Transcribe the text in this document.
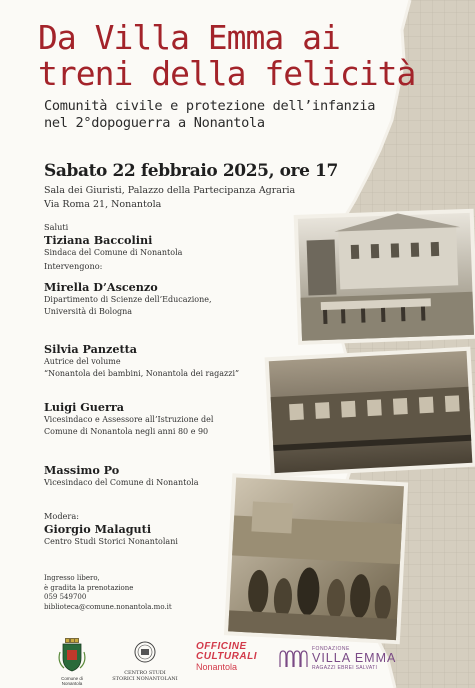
Da Villa Emma ai
treni della felicità
Comunità civile e protezione dell’infanzia
nel 2°dopoguerra a Nonantola
Sabato 22 febbraio 2025, ore 17
Sala dei Giuristi, Palazzo della Partecipanza Agraria
Via Roma 21, Nonantola
Saluti
Tiziana Baccolini
Sindaca del Comune di Nonantola
Intervengono:
Mirella D’Ascenzo
Dipartimento di Scienze dell’Educazione,
Università di Bologna
Silvia Panzetta
Autrice del volume
“Nonantola dei bambini, Nonantola dei ragazzi”
Luigi Guerra
Vicesindaco e Assessore all’Istruzione del
Comune di Nonantola negli anni 80 e 90
Massimo Po
Vicesindaco del Comune di Nonantola
Modera:
Giorgio Malaguti
Centro Studi Storici Nonantolani
Ingresso libero,
è gradita la prenotazione
059 549700
biblioteca@comune.nonantola.mo.it
Comune di Nonantola
CENTRO STUDI
STORICI NONANTOLANI
OFFICINE
CULTURALI
Nonantola
FONDAZIONE
VILLA EMMA
RAGAZZI EBREI SALVATI
